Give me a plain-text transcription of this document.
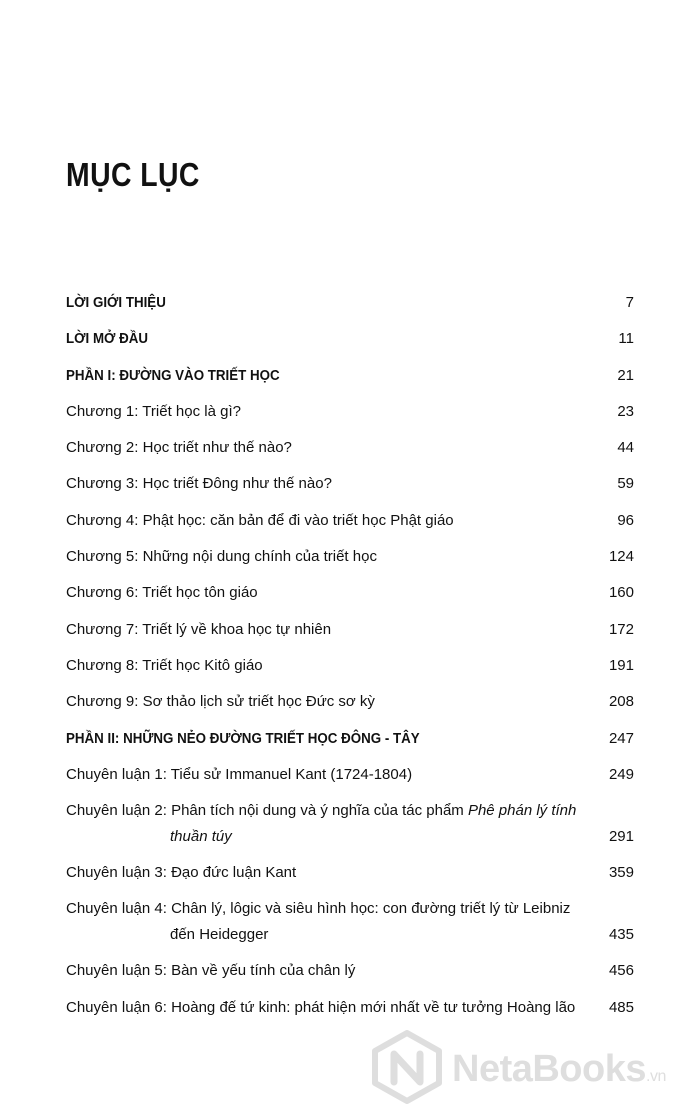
MỤC LỤC
LỜI GIỚI THIỆU	7
LỜI MỞ ĐẦU	11
PHẦN I: ĐƯỜNG VÀO TRIẾT HỌC	21
Chương 1: Triết học là gì?	23
Chương 2: Học triết như thế nào?	44
Chương 3: Học triết Đông như thế nào?	59
Chương 4: Phật học: căn bản để đi vào triết học Phật giáo	96
Chương 5: Những nội dung chính của triết học	124
Chương 6: Triết học tôn giáo	160
Chương 7: Triết lý về khoa học tự nhiên	172
Chương 8: Triết học Kitô giáo	191
Chương 9: Sơ thảo lịch sử triết học Đức sơ kỳ	208
PHẦN II: NHỮNG NẺO ĐƯỜNG TRIẾT HỌC ĐÔNG - TÂY	247
Chuyên luận 1: Tiểu sử Immanuel Kant (1724-1804)	249
Chuyên luận 2: Phân tích nội dung và ý nghĩa của tác phẩm Phê phán lý tính
thuần túy	291
Chuyên luận 3: Đạo đức luận Kant	359
Chuyên luận 4: Chân lý, lôgic và siêu hình học: con đường triết lý từ Leibniz
đến Heidegger	435
Chuyên luận 5: Bàn về yếu tính của chân lý	456
Chuyên luận 6: Hoàng đế tứ kinh: phát hiện mới nhất về tư tưởng Hoàng lão 485
NetaBooks.vn
